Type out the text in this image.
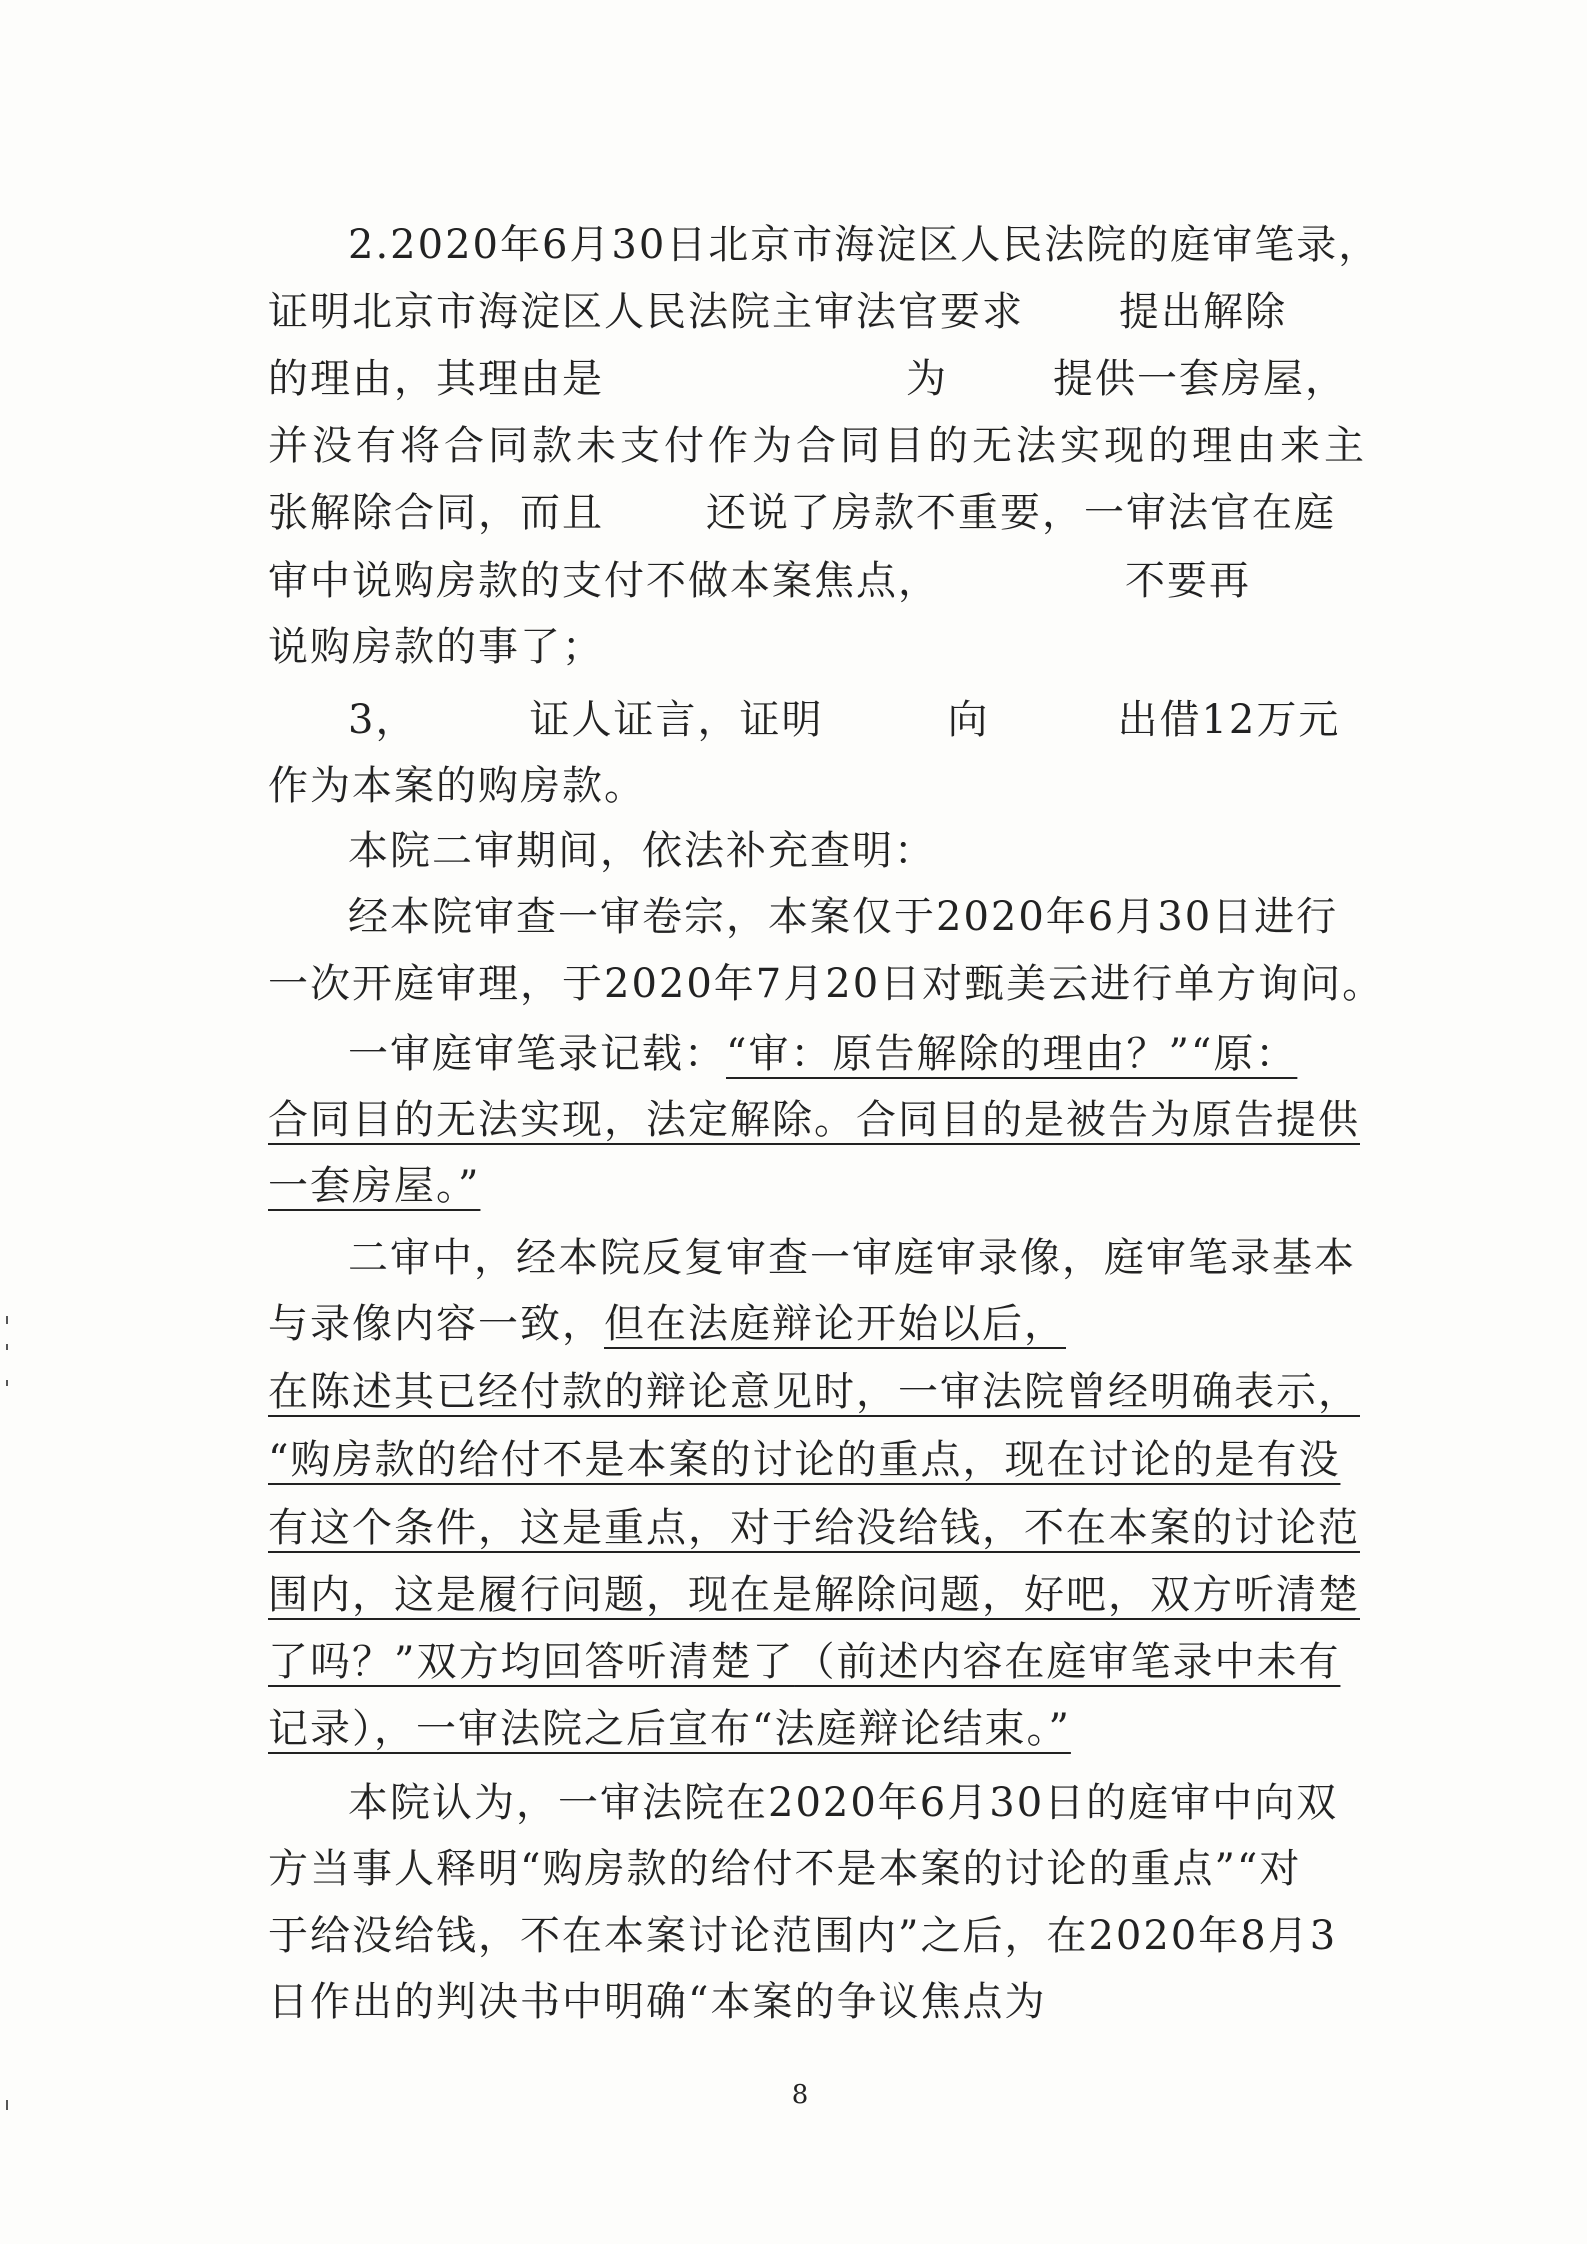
2.2020年6月30日北京市海淀区人民法院的庭审笔录，
证明北京市海淀区人民法院主审法官要求 提出解除
的理由，其理由是	为	提供一套房屋，
并没有将合同款未支付作为合同目的无法实现的理由来主
张解除合同，而且	还说了房款不重要，一审法官在庭
审中说购房款的支付不做本案焦点，	不要再
说购房款的事了；
3，	证人证言，证明	向	出借12万元
作为本案的购房款。
本院二审期间，依法补充查明：
经本院审查一审卷宗，本案仅于2020年6月30日进行
一次开庭审理，于2020年7月20日对甄美云进行单方询问。
一审庭审笔录记载：“审：原告解除的理由？”“原：
合同目的无法实现，法定解除。合同目的是被告为原告提供
一套房屋。”
二审中，经本院反复审查一审庭审录像，庭审笔录基本
与录像内容一致，但在法庭辩论开始以后，
在陈述其已经付款的辩论意见时，一审法院曾经明确表示，
“购房款的给付不是本案的讨论的重点，现在讨论的是有没
有这个条件，这是重点，对于给没给钱，不在本案的讨论范
围内，这是履行问题，现在是解除问题，好吧，双方听清楚
了吗？”双方均回答听清楚了（前述内容在庭审笔录中未有
记录），一审法院之后宣布“法庭辩论结束。”
本院认为，一审法院在2020年6月30日的庭审中向双
方当事人释明“购房款的给付不是本案的讨论的重点”“对
于给没给钱，不在本案讨论范围内”之后，在2020年8月3
日作出的判决书中明确“本案的争议焦点为
8
